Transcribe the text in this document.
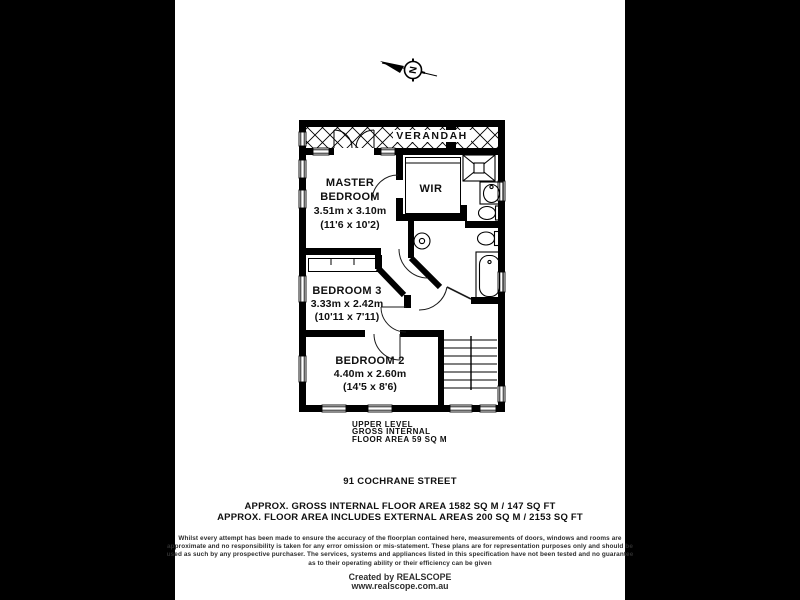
N
VERANDAH
MASTER
BEDROOM
3.51m x 3.10m
(11'6 x 10'2)
WIR
BEDROOM 3
3.33m x 2.42m
(10'11 x 7'11)
BEDROOM 2
4.40m x 2.60m
(14'5 x 8'6)
UPPER LEVEL
GROSS INTERNAL
FLOOR AREA 59 SQ M
91 COCHRANE STREET
APPROX. GROSS INTERNAL FLOOR AREA 1582 SQ M / 147 SQ FT
APPROX. FLOOR AREA INCLUDES EXTERNAL AREAS 200 SQ M / 2153 SQ FT
Whilst every attempt has been made to ensure the accuracy of the floorplan contained here, measurements of doors, windows and rooms are
approximate and no responsibility is taken for any error omission or mis-statement. These plans are for representation purposes only and should be
used as such by any prospective purchaser. The services, systems and appliances listed in this specification have not been tested and no guarantee
as to their operating ability or their efficiency can be given
Created by REALSCOPE
www.realscope.com.au
